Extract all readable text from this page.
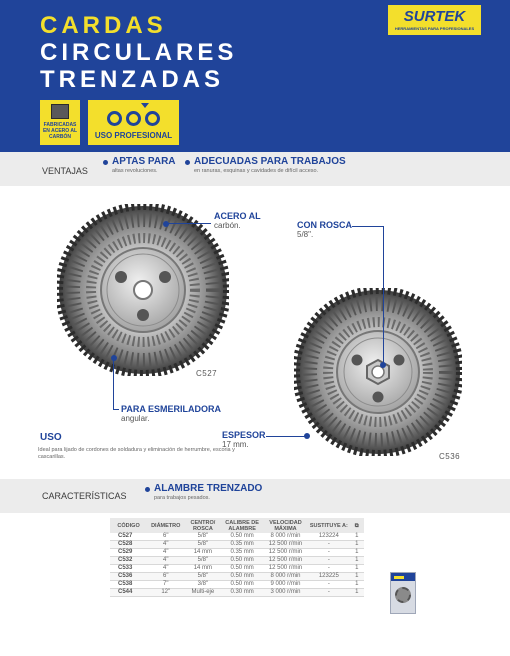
CARDAS
CIRCULARES
TRENZADAS
SURTEK
HERRAMIENTAS PARA PROFESIONALES
FABRICADAS EN ACERO AL CARBÓN	USO PROFESIONAL
VENTAJAS
APTAS PARA
altas revoluciones.
ADECUADAS PARA TRABAJOS
en ranuras, esquinas y cavidades de difícil acceso.
C527
C536
ACERO AL
carbón.	CON ROSCA
5/8".
PARA ESMERILADORA
angular.
ESPESOR
17 mm.
USO
Ideal para lijado de cordones de soldadura y eliminación de herrumbre, escoria y cascarillas.
CARACTERÍSTICAS
ALAMBRE TRENZADO
para trabajos pesados.
CÓDIGO	DIÁMETRO	CENTRO/ ROSCA	CALIBRE DE ALAMBRE	VELOCIDAD MÁXIMA	SUSTITUYE A:	⧉
C527	6"	5/8"	0.50 mm	8 000 r/min	123224	1
C528	4"	5/8"	0.35 mm	12 500 r/min	-	1
C529	4"	14 mm	0.35 mm	12 500 r/min	-	1
C532	4"	5/8"	0.50 mm	12 500 r/min	-	1
C533	4"	14 mm	0.50 mm	12 500 r/min	-	1
C536	6"	5/8"	0.50 mm	8 000 r/min	123225	1
C538	7"	3/8"	0.50 mm	9 000 r/min	-	1
C544	12"	Multi-eje	0.30 mm	3 000 r/min	-	1
